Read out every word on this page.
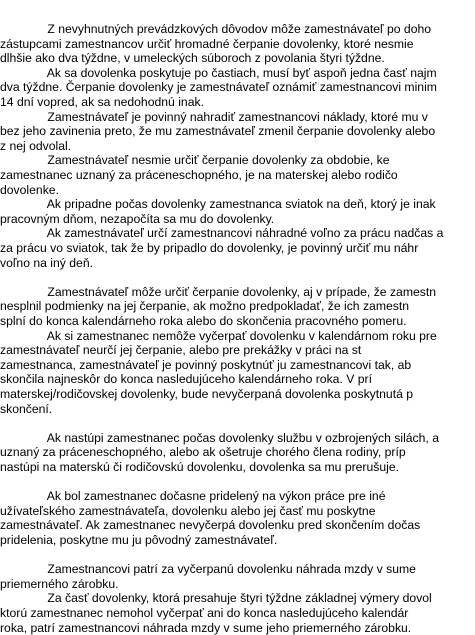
Z nevyhnutných prevádzkových dôvodov môže zamestnávateľ po doho

zástupcami zamestnancov určiť hromadné čerpanie dovolenky, ktoré nesmie

dlhšie ako dva týždne, v umeleckých súboroch z povolania štyri týždne.

Ak sa dovolenka poskytuje po častiach, musí byť aspoň jedna časť najm

dva týždne. Čerpanie dovolenky je zamestnávateľ oznámiť zamestnancovi minim

14 dní vopred, ak sa nedohodnú inak.

Zamestnávateľ je povinný nahradiť zamestnancovi náklady, ktoré mu v

bez jeho zavinenia preto, že mu zamestnávateľ zmenil čerpanie dovolenky alebo

z nej odvolal.

Zamestnávateľ nesmie určiť čerpanie dovolenky za obdobie, ke

zamestnanec uznaný za práceneschopného, je na materskej alebo rodičo

dovolenke.

Ak pripadne počas dovolenky zamestnanca sviatok na deň, ktorý je inak

pracovným dňom, nezapočíta sa mu do dovolenky.

Ak zamestnávateľ určí zamestnancovi náhradné voľno za prácu nadčas a

za prácu vo sviatok, tak že by pripadlo do dovolenky, je povinný určiť mu náhr

voľno na iný deň.

Zamestnávateľ môže určiť čerpanie dovolenky, aj v prípade, že zamestn

nesplnil podmienky na jej čerpanie, ak možno predpokladať, že ich zamestn

splní do konca kalendárneho roka alebo do skončenia pracovného pomeru.

Ak si zamestnanec nemôže vyčerpať dovolenku v kalendárnom roku pre

zamestnávateľ neurčí jej čerpanie, alebo pre prekážky v práci na st

zamestnanca, zamestnávateľ je povinný poskytnúť ju zamestnancovi tak, ab

skončila najneskôr do konca nasledujúceho kalendárneho roka. V prí

materskej/rodičovskej dovolenky, bude nevyčerpaná dovolenka poskytnutá p

skončení.

Ak nastúpi zamestnanec počas dovolenky službu v ozbrojených silách, a

uznaný za práceneschopného, alebo ak ošetruje chorého člena rodiny, príp

nastúpi na materskú či rodičovskú dovolenku, dovolenka sa mu prerušuje.

Ak bol zamestnanec dočasne pridelený na výkon práce pre iné

užívateľského zamestnávateľa, dovolenku alebo jej časť mu poskytne

zamestnávateľ. Ak zamestnanec nevyčerpá dovolenku pred skončením dočas

pridelenia, poskytne mu ju pôvodný zamestnávateľ.

Zamestnancovi patrí za vyčerpanú dovolenku náhrada mzdy v sume

priemerného zárobku.

Za časť dovolenky, ktorá presahuje štyri týždne základnej výmery dovol

ktorú zamestnanec nemohol vyčerpať ani do konca nasledujúceho kalendár

roka, patrí zamestnancovi náhrada mzdy v sume jeho priemerného zárobku.
